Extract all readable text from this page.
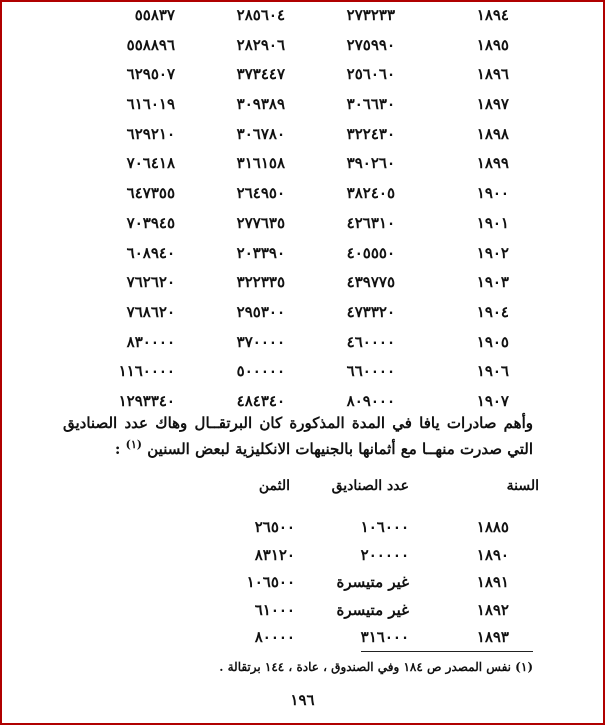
١٨٩٤
٢٧٣٢٣٣
٢٨٥٦٠٤
٥٥٨٣٧
١٨٩٥
٢٧٥٩٩٠
٢٨٢٩٠٦
٥٥٨٨٩٦
١٨٩٦
٢٥٦٠٦٠
٣٧٣٤٤٧
٦٢٩٥٠٧
١٨٩٧
٣٠٦٦٣٠
٣٠٩٣٨٩
٦١٦٠١٩
١٨٩٨
٣٢٢٤٣٠
٣٠٦٧٨٠
٦٢٩٢١٠
١٨٩٩
٣٩٠٢٦٠
٣١٦١٥٨
٧٠٦٤١٨
١٩٠٠
٣٨٢٤٠٥
٢٦٤٩٥٠
٦٤٧٣٥٥
١٩٠١
٤٢٦٣١٠
٢٧٧٦٣٥
٧٠٣٩٤٥
١٩٠٢
٤٠٥٥٥٠
٢٠٣٣٩٠
٦٠٨٩٤٠
١٩٠٣
٤٣٩٧٧٥
٣٢٢٣٣٥
٧٦٢٦٢٠
١٩٠٤
٤٧٣٣٢٠
٢٩٥٣٠٠
٧٦٨٦٢٠
١٩٠٥
٤٦٠٠٠٠
٣٧٠٠٠٠
٨٣٠٠٠٠
١٩٠٦
٦٦٠٠٠٠
٥٠٠٠٠٠
١١٦٠٠٠٠
١٩٠٧
٨٠٩٠٠٠
٤٨٤٣٤٠
١٢٩٣٣٤٠
وأهم صادرات يافا في المدة المذكورة كان البرتقــال وهاك عدد الصناديق التي صدرت منهــا مع أثمانها بالجنيهات الانكليزية لبعض السنين $^{(١)}$ :
السنة
عدد الصناديق
الثمن
١٨٨٥
١٠٦٠٠٠
٢٦٥٠٠
١٨٩٠
٢٠٠٠٠٠
٨٣١٢٠
١٨٩١
غير متيسرة
١٠٦٥٠٠
١٨٩٢
غير متيسرة
٦١٠٠٠
١٨٩٣
٣١٦٠٠٠
٨٠٠٠٠
(١) نفس المصدر ص ١٨٤ وفي الصندوق ، عادة ، ١٤٤ برتقالة .
١٩٦
